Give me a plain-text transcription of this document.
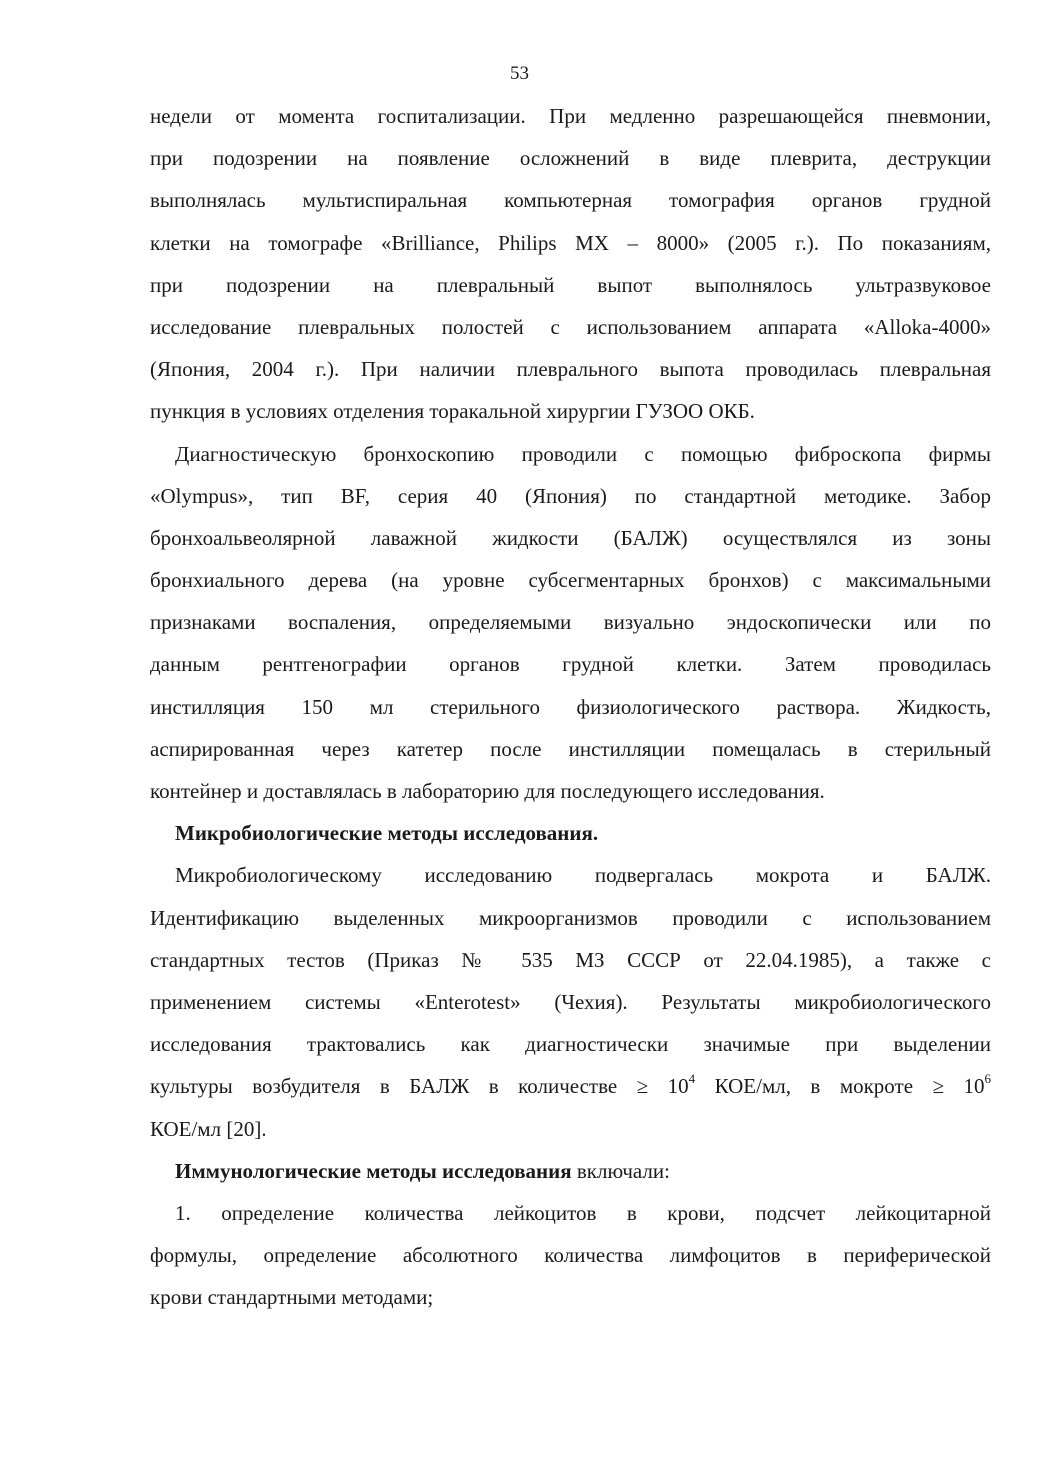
53

недели от момента госпитализации. При медленно разрешающейся пневмонии,
при подозрении на появление осложнений в виде плеврита, деструкции
выполнялась мультиспиральная компьютерная томография органов грудной
клетки на томографе «Brilliance, Philips MX – 8000» (2005 г.). По показаниям,
при подозрении на плевральный выпот выполнялось ультразвуковое
исследование плевральных полостей с использованием аппарата «Alloka-4000»
(Япония, 2004 г.). При наличии плеврального выпота проводилась плевральная
пункция в условиях отделения торакальной хирургии ГУЗОО ОКБ.

Диагностическую бронхоскопию проводили с помощью фиброскопа фирмы
«Olympus», тип BF, серия 40 (Япония) по стандартной методике. Забор
бронхоальвеолярной лаважной жидкости (БАЛЖ) осуществлялся из зоны
бронхиального дерева (на уровне субсегментарных бронхов) с максимальными
признаками воспаления, определяемыми визуально эндоскопически или по
данным рентгенографии органов грудной клетки. Затем проводилась
инстилляция 150 мл стерильного физиологического раствора. Жидкость,
аспирированная через катетер после инстилляции помещалась в стерильный
контейнер и доставлялась в лабораторию для последующего исследования.

Микробиологические методы исследования.

Микробиологическому исследованию подвергалась мокрота и БАЛЖ.
Идентификацию выделенных микроорганизмов проводили с использованием
стандартных тестов (Приказ № 535 МЗ СССР от 22.04.1985), а также с
применением системы «Enterotest» (Чехия). Результаты микробиологического
исследования трактовались как диагностически значимые при выделении
культуры возбудителя в БАЛЖ в количестве ≥ $10^4$ КОЕ/мл, в мокроте ≥ $10^6$
КОЕ/мл [20].

Иммунологические методы исследования включали:

1. определение количества лейкоцитов в крови, подсчет лейкоцитарной
формулы, определение абсолютного количества лимфоцитов в периферической
крови стандартными методами;
